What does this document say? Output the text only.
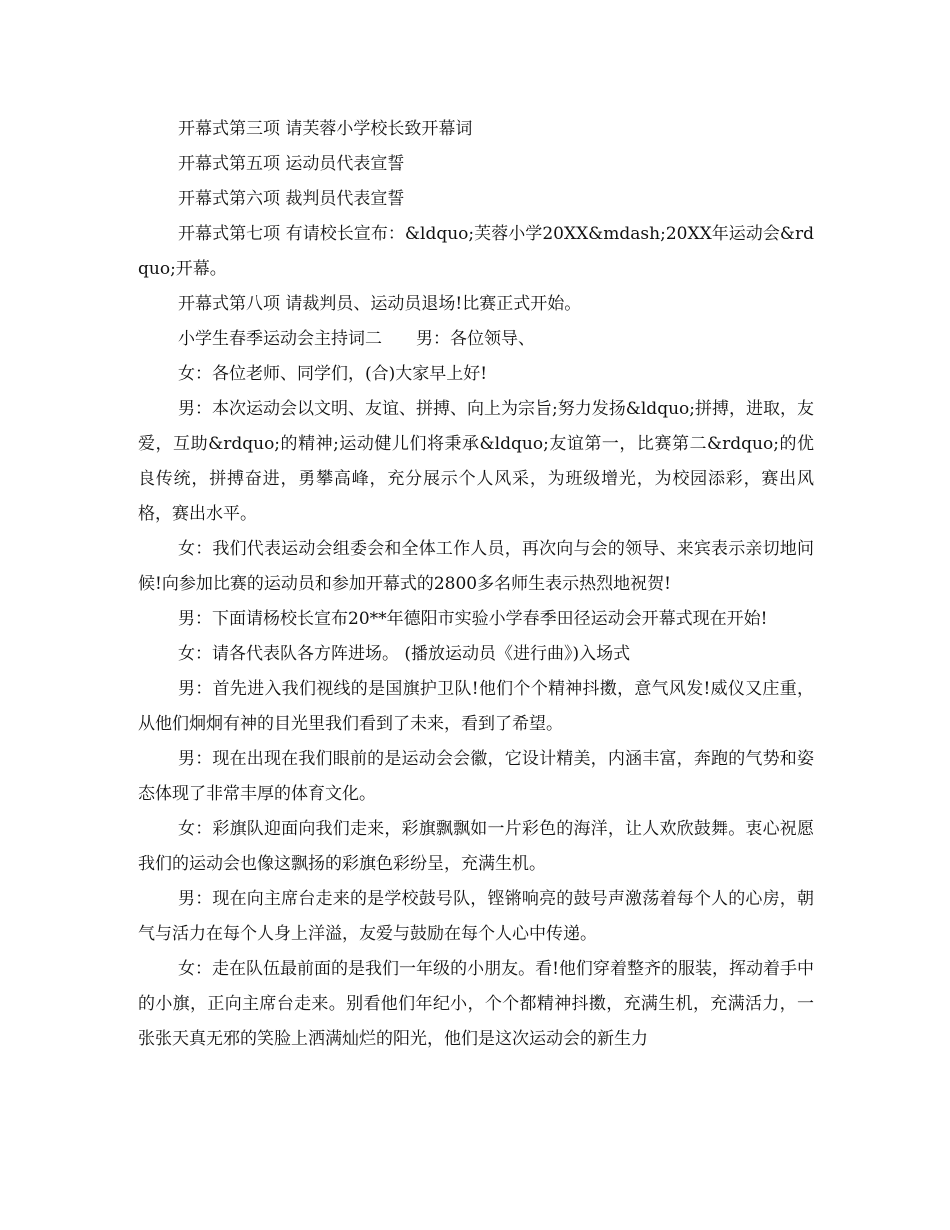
开幕式第三项 请芙蓉小学校长致开幕词

开幕式第五项 运动员代表宣誓

开幕式第六项 裁判员代表宣誓

开幕式第七项 有请校长宣布：&ldquo;芙蓉小学20XX&mdash;20XX年运动会&rdquo;开幕。

开幕式第八项 请裁判员、运动员退场!比赛正式开始。

小学生春季运动会主持词二　　男：各位领导、

女：各位老师、同学们，(合)大家早上好!

男：本次运动会以文明、友谊、拼搏、向上为宗旨;努力发扬&ldquo;拼搏，进取，友爱，互助&rdquo;的精神;运动健儿们将秉承&ldquo;友谊第一，比赛第二&rdquo;的优良传统，拼搏奋进，勇攀高峰，充分展示个人风采，为班级增光，为校园添彩，赛出风格，赛出水平。

女：我们代表运动会组委会和全体工作人员，再次向与会的领导、来宾表示亲切地问候!向参加比赛的运动员和参加开幕式的2800多名师生表示热烈地祝贺!

男：下面请杨校长宣布20**年德阳市实验小学春季田径运动会开幕式现在开始!

女：请各代表队各方阵进场。 (播放运动员《进行曲》)入场式

男：首先进入我们视线的是国旗护卫队!他们个个精神抖擞，意气风发!威仪又庄重，从他们炯炯有神的目光里我们看到了未来，看到了希望。

男：现在出现在我们眼前的是运动会会徽，它设计精美，内涵丰富，奔跑的气势和姿态体现了非常丰厚的体育文化。

女：彩旗队迎面向我们走来，彩旗飘飘如一片彩色的海洋，让人欢欣鼓舞。衷心祝愿我们的运动会也像这飘扬的彩旗色彩纷呈，充满生机。

男：现在向主席台走来的是学校鼓号队，铿锵响亮的鼓号声激荡着每个人的心房，朝气与活力在每个人身上洋溢，友爱与鼓励在每个人心中传递。

女：走在队伍最前面的是我们一年级的小朋友。看!他们穿着整齐的服装，挥动着手中的小旗，正向主席台走来。别看他们年纪小，个个都精神抖擞，充满生机，充满活力，一张张天真无邪的笑脸上洒满灿烂的阳光，他们是这次运动会的新生力
